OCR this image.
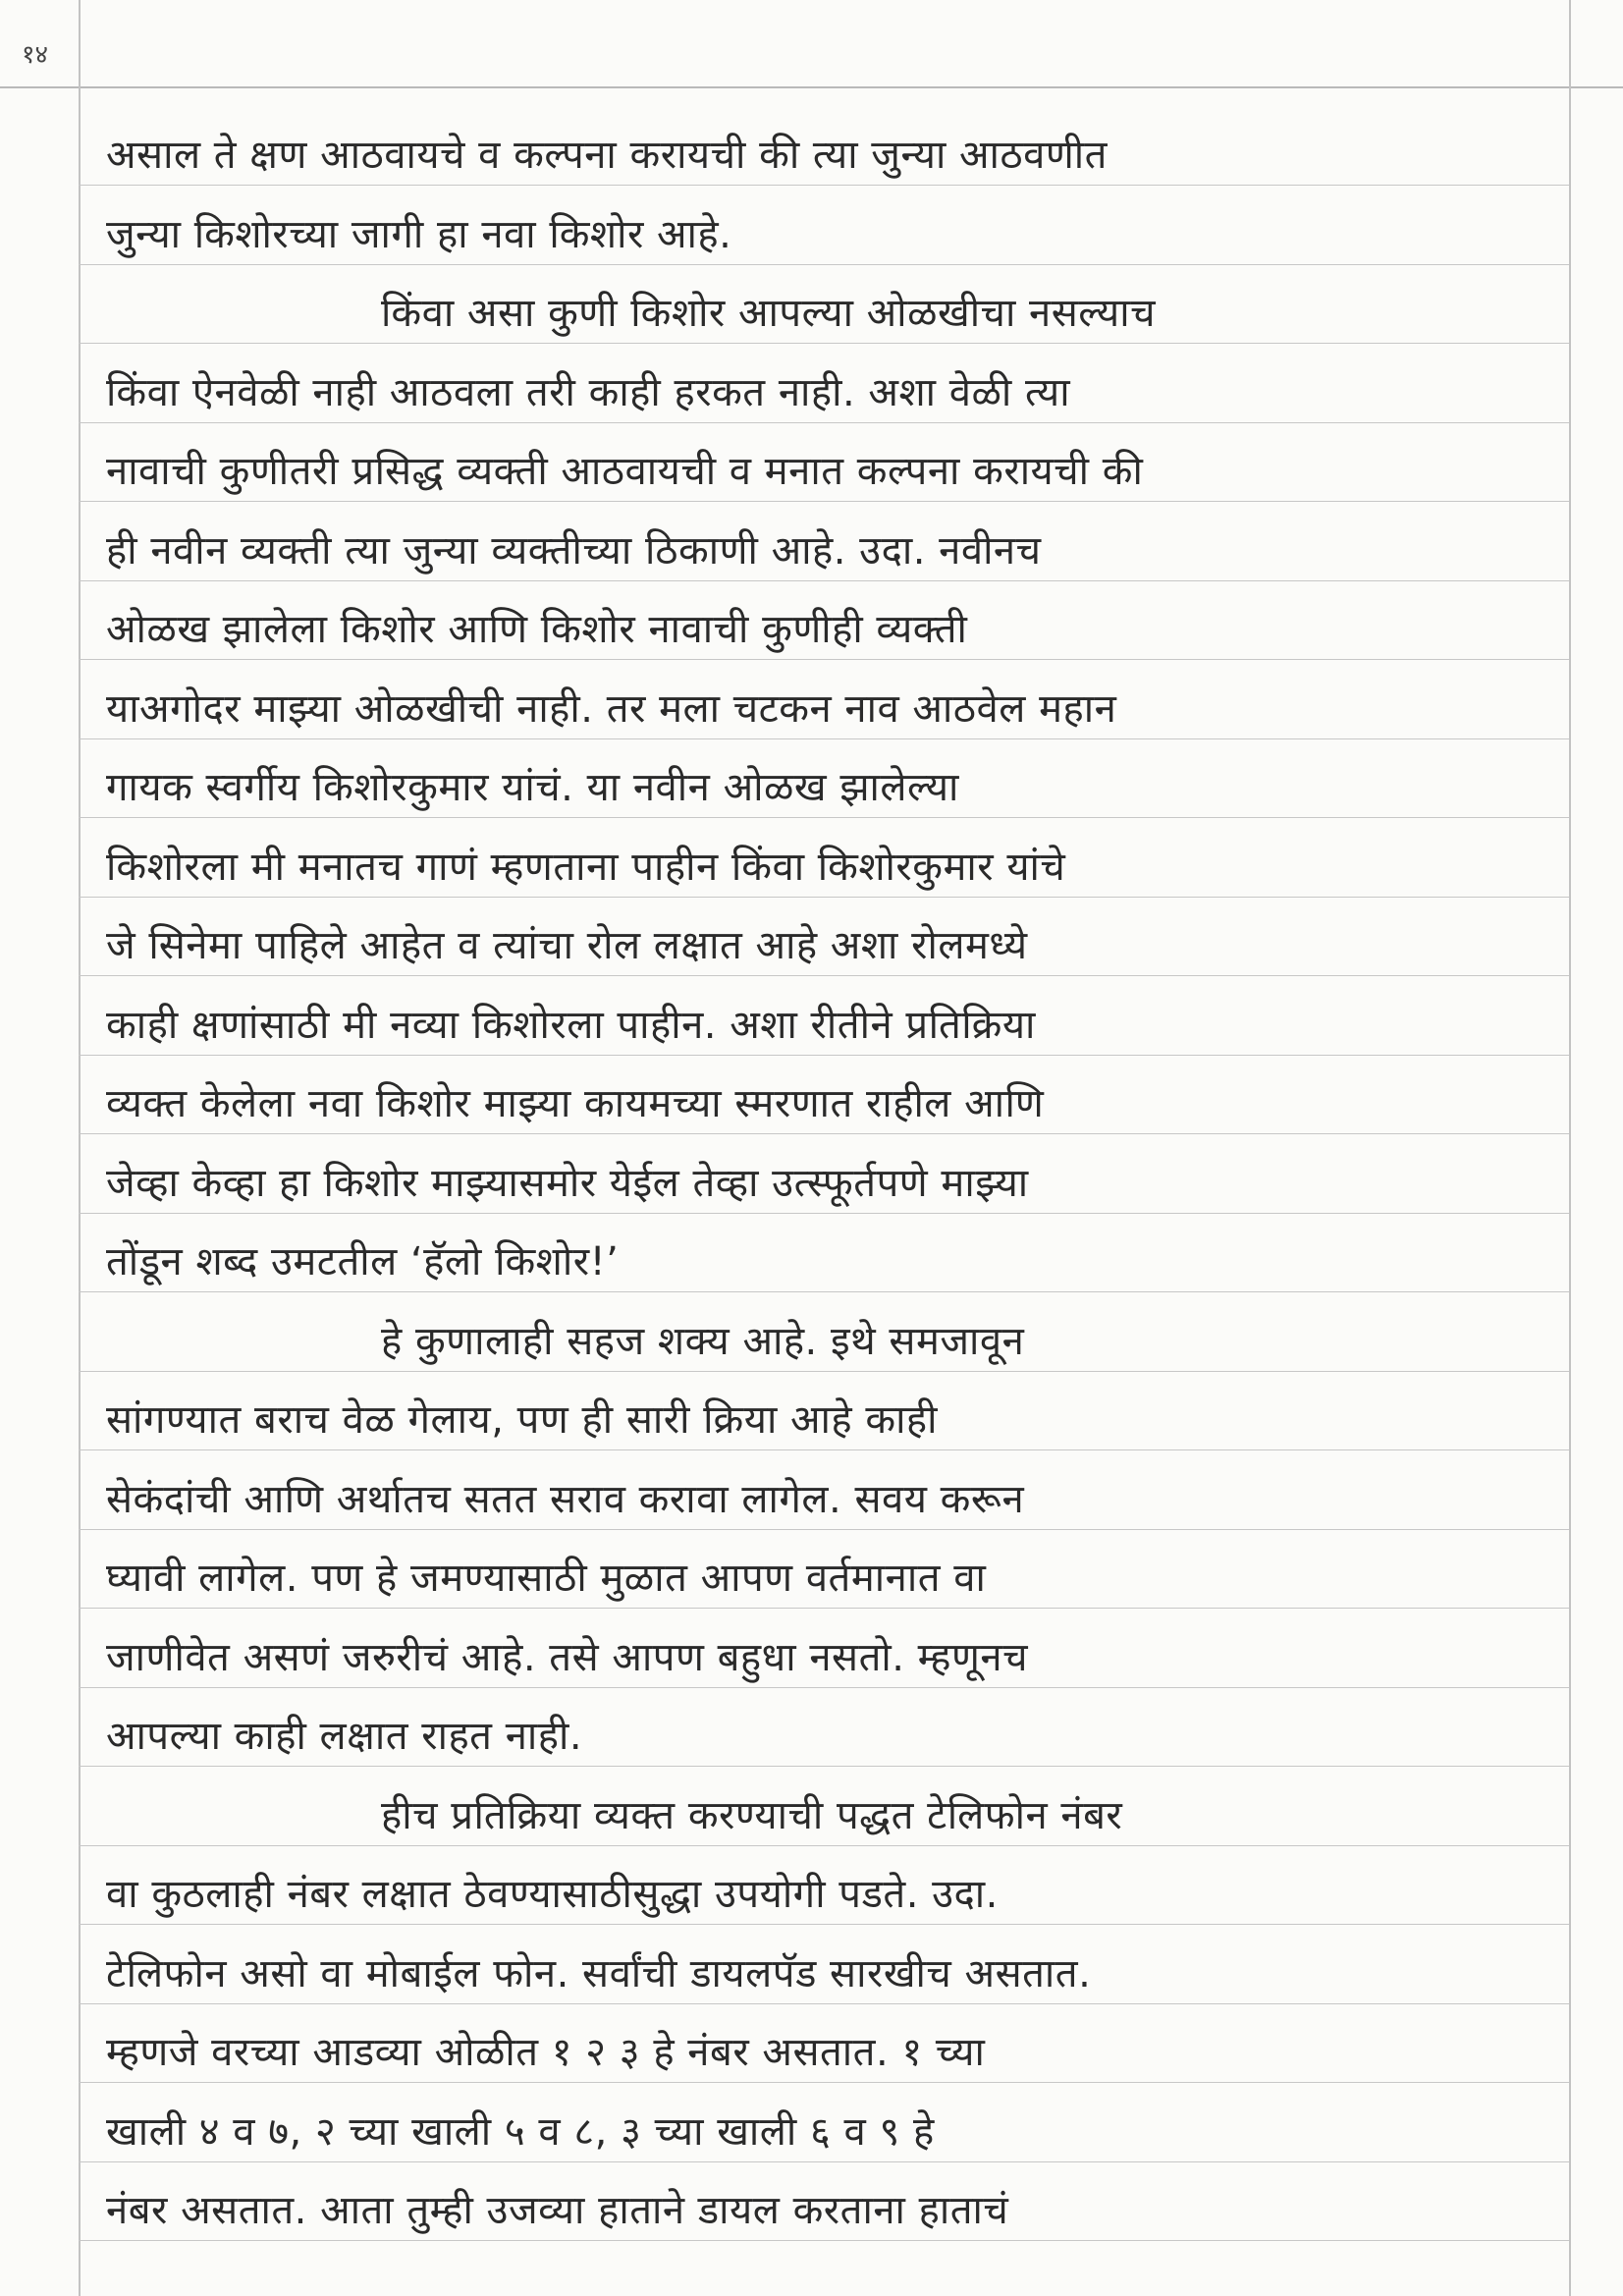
१४
असाल ते क्षण आठवायचे व कल्पना करायची की त्या जुन्या आठवणीत
जुन्या किशोरच्या जागी हा नवा किशोर आहे.
किंवा असा कुणी किशोर आपल्या ओळखीचा नसल्याच
किंवा ऐनवेळी नाही आठवला तरी काही हरकत नाही. अशा वेळी त्या
नावाची कुणीतरी प्रसिद्ध व्यक्ती आठवायची व मनात कल्पना करायची की
ही नवीन व्यक्ती त्या जुन्या व्यक्तीच्या ठिकाणी आहे. उदा. नवीनच
ओळख झालेला किशोर आणि किशोर नावाची कुणीही व्यक्ती
याअगोदर माझ्या ओळखीची नाही. तर मला चटकन नाव आठवेल महान
गायक स्वर्गीय किशोरकुमार यांचं. या नवीन ओळख झालेल्या
किशोरला मी मनातच गाणं म्हणताना पाहीन किंवा किशोरकुमार यांचे
जे सिनेमा पाहिले आहेत व त्यांचा रोल लक्षात आहे अशा रोलमध्ये
काही क्षणांसाठी मी नव्या किशोरला पाहीन. अशा रीतीने प्रतिक्रिया
व्यक्त केलेला नवा किशोर माझ्या कायमच्या स्मरणात राहील आणि
जेव्हा केव्हा हा किशोर माझ्यासमोर येईल तेव्हा उत्स्फूर्तपणे माझ्या
तोंडून शब्द उमटतील ‘हॅलो किशोर!’
हे कुणालाही सहज शक्य आहे. इथे समजावून
सांगण्यात बराच वेळ गेलाय, पण ही सारी क्रिया आहे काही
सेकंदांची आणि अर्थातच सतत सराव करावा लागेल. सवय करून
घ्यावी लागेल. पण हे जमण्यासाठी मुळात आपण वर्तमानात वा
जाणीवेत असणं जरुरीचं आहे. तसे आपण बहुधा नसतो. म्हणूनच
आपल्या काही लक्षात राहत नाही.
हीच प्रतिक्रिया व्यक्त करण्याची पद्धत टेलिफोन नंबर
वा कुठलाही नंबर लक्षात ठेवण्यासाठीसुद्धा उपयोगी पडते. उदा.
टेलिफोन असो वा मोबाईल फोन. सर्वांची डायलपॅड सारखीच असतात.
म्हणजे वरच्या आडव्या ओळीत १ २ ३ हे नंबर असतात. १ च्या
खाली ४ व ७, २ च्या खाली ५ व ८, ३ च्या खाली ६ व ९ हे
नंबर असतात. आता तुम्ही उजव्या हाताने डायल करताना हाताचं
